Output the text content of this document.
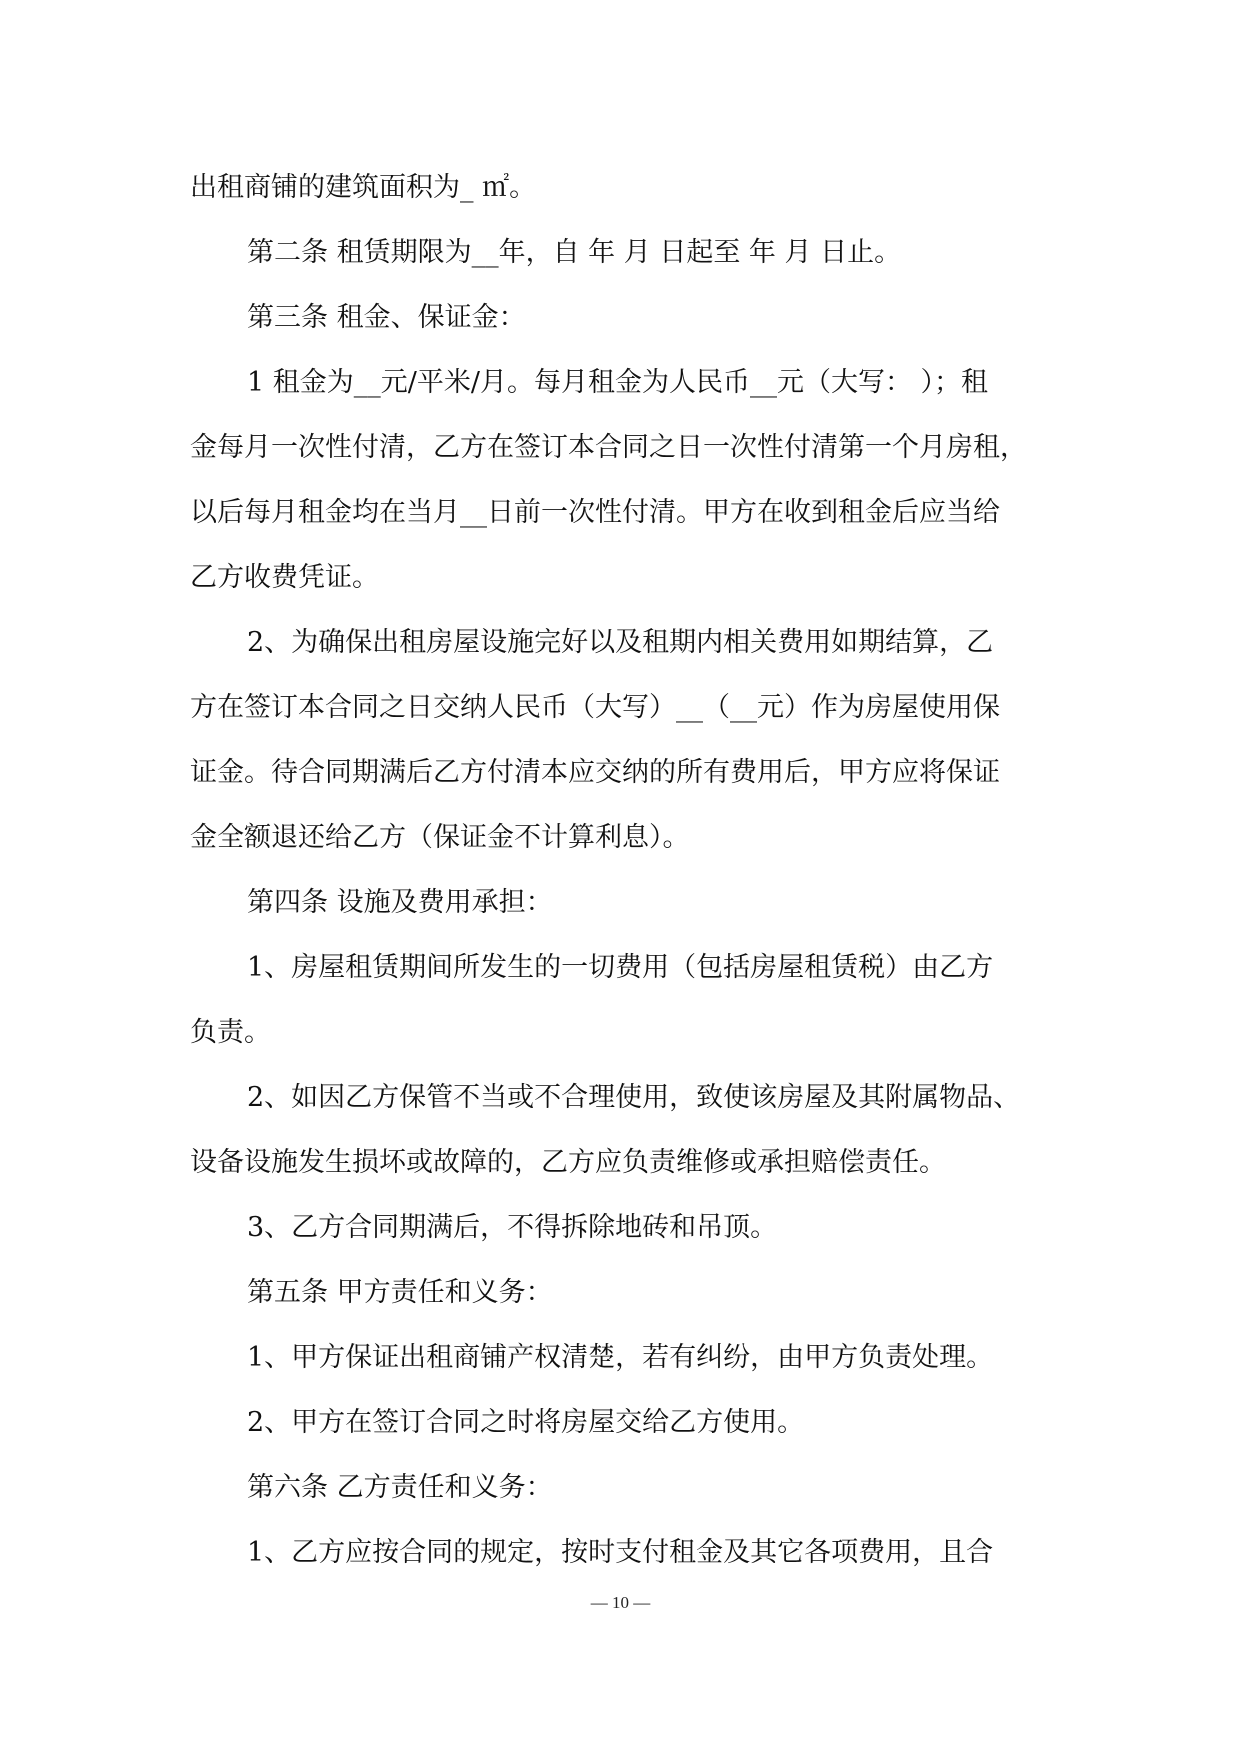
出租商铺的建筑面积为_ ㎡。
第二条 租赁期限为__年，自 年 月 日起至 年 月 日止。
第三条 租金、保证金：
1 租金为__元/平米/月。每月租金为人民币__元（大写： ）；租
金每月一次性付清，乙方在签订本合同之日一次性付清第一个月房租，
以后每月租金均在当月__日前一次性付清。甲方在收到租金后应当给
乙方收费凭证。
2、为确保出租房屋设施完好以及租期内相关费用如期结算，乙
方在签订本合同之日交纳人民币（大写）__（__元）作为房屋使用保
证金。待合同期满后乙方付清本应交纳的所有费用后，甲方应将保证
金全额退还给乙方（保证金不计算利息）。
第四条 设施及费用承担：
1、房屋租赁期间所发生的一切费用（包括房屋租赁税）由乙方
负责。
2、如因乙方保管不当或不合理使用，致使该房屋及其附属物品、
设备设施发生损坏或故障的，乙方应负责维修或承担赔偿责任。
3、乙方合同期满后，不得拆除地砖和吊顶。
第五条 甲方责任和义务：
1、甲方保证出租商铺产权清楚，若有纠纷，由甲方负责处理。
2、甲方在签订合同之时将房屋交给乙方使用。
第六条 乙方责任和义务：
1、乙方应按合同的规定，按时支付租金及其它各项费用，且合
— 10 —
